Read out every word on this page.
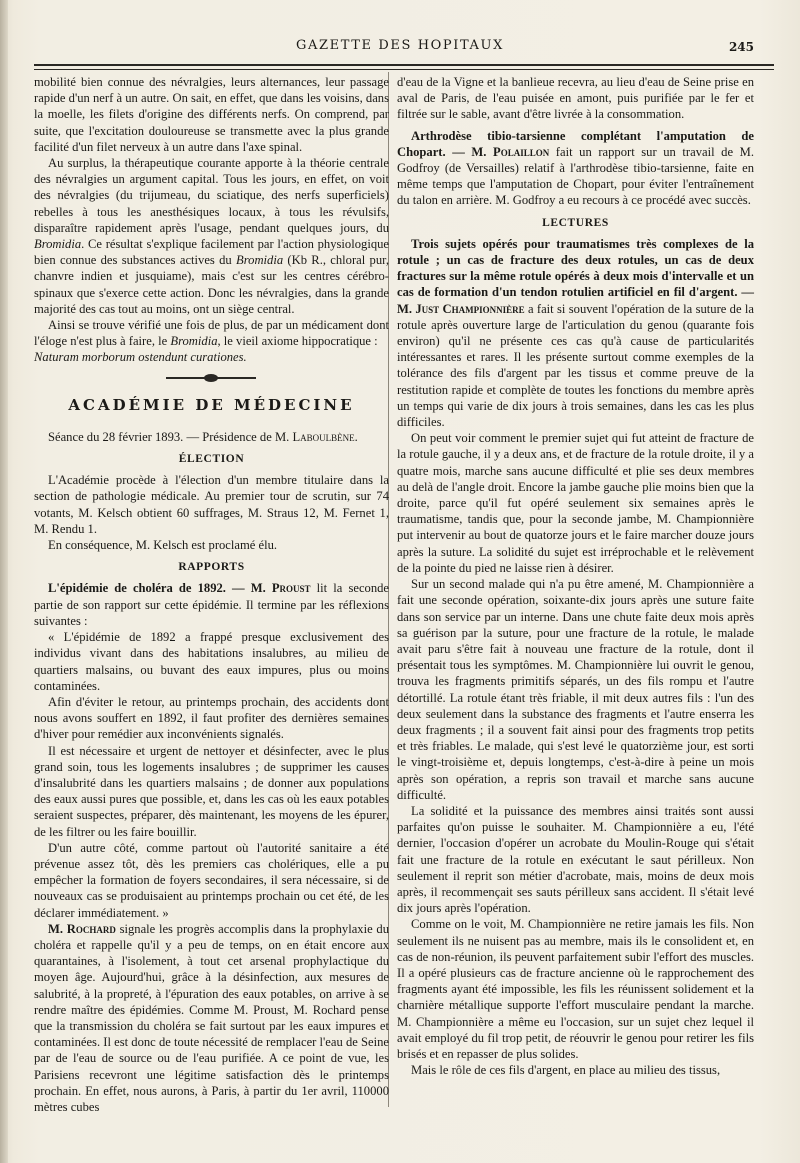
GAZETTE DES HOPITAUX	245

mobilité bien connue des névralgies, leurs alternances, leur passage rapide d'un nerf à un autre. On sait, en effet, que dans les voisins, dans la moelle, les filets d'origine des différents nerfs. On comprend, par suite, que l'excitation douloureuse se transmette avec la plus grande facilité d'un filet nerveux à un autre dans l'axe spinal.

Au surplus, la thérapeutique courante apporte à la théorie centrale des névralgies un argument capital. Tous les jours, en effet, on voit des névralgies (du trijumeau, du sciatique, des nerfs superficiels) rebelles à tous les anesthésiques locaux, à tous les révulsifs, disparaître rapidement après l'usage, pendant quelques jours, du Bromidia. Ce résultat s'explique facilement par l'action physiologique bien connue des substances actives du Bromidia (Kb R., chloral pur, chanvre indien et jusquiame), mais c'est sur les centres cérébro-spinaux que s'exerce cette action. Donc les névralgies, dans la grande majorité des cas tout au moins, ont un siège central.

Ainsi se trouve vérifié une fois de plus, de par un médicament dont l'éloge n'est plus à faire, le Bromidia, le vieil axiome hippocratique :

Naturam morborum ostendunt curationes.

ACADÉMIE DE MÉDECINE

Séance du 28 février 1893. — Présidence de M. Laboulbène.

ÉLECTION

L'Académie procède à l'élection d'un membre titulaire dans la section de pathologie médicale. Au premier tour de scrutin, sur 74 votants, M. Kelsch obtient 60 suffrages, M. Straus 12, M. Fernet 1, M. Rendu 1.

En conséquence, M. Kelsch est proclamé élu.

RAPPORTS

L'épidémie de choléra de 1892. — M. Proust lit la seconde partie de son rapport sur cette épidémie. Il termine par les réflexions suivantes :

« L'épidémie de 1892 a frappé presque exclusivement des individus vivant dans des habitations insalubres, au milieu de quartiers malsains, ou buvant des eaux impures, plus ou moins contaminées.

Afin d'éviter le retour, au printemps prochain, des accidents dont nous avons souffert en 1892, il faut profiter des dernières semaines d'hiver pour remédier aux inconvénients signalés.

Il est nécessaire et urgent de nettoyer et désinfecter, avec le plus grand soin, tous les logements insalubres ; de supprimer les causes d'insalubrité dans les quartiers malsains ; de donner aux populations des eaux aussi pures que possible, et, dans les cas où les eaux potables seraient suspectes, préparer, dès maintenant, les moyens de les épurer, de les filtrer ou les faire bouillir.

D'un autre côté, comme partout où l'autorité sanitaire a été prévenue assez tôt, dès les premiers cas cholériques, elle a pu empêcher la formation de foyers secondaires, il sera nécessaire, si de nouveaux cas se produisaient au printemps prochain ou cet été, de les déclarer immédiatement. »

M. Rochard signale les progrès accomplis dans la prophylaxie du choléra et rappelle qu'il y a peu de temps, on en était encore aux quarantaines, à l'isolement, à tout cet arsenal prophylactique du moyen âge. Aujourd'hui, grâce à la désinfection, aux mesures de salubrité, à la propreté, à l'épuration des eaux potables, on arrive à se rendre maître des épidémies. Comme M. Proust, M. Rochard pense que la transmission du choléra se fait surtout par les eaux impures et contaminées. Il est donc de toute nécessité de remplacer l'eau de Seine par de l'eau de source ou de l'eau purifiée. A ce point de vue, les Parisiens recevront une légitime satisfaction dès le printemps prochain. En effet, nous aurons, à Paris, à partir du 1er avril, 110000 mètres cubes

d'eau de la Vigne et la banlieue recevra, au lieu d'eau de Seine prise en aval de Paris, de l'eau puisée en amont, puis purifiée par le fer et filtrée sur le sable, avant d'être livrée à la consommation.

Arthrodèse tibio-tarsienne complétant l'amputation de Chopart. — M. Polaillon fait un rapport sur un travail de M. Godfroy (de Versailles) relatif à l'arthrodèse tibio-tarsienne, faite en même temps que l'amputation de Chopart, pour éviter l'entraînement du talon en arrière. M. Godfroy a eu recours à ce procédé avec succès.

LECTURES

Trois sujets opérés pour traumatismes très complexes de la rotule ; un cas de fracture des deux rotules, un cas de deux fractures sur la même rotule opérés à deux mois d'intervalle et un cas de formation d'un tendon rotulien artificiel en fil d'argent. — M. Just Championnière a fait si souvent l'opération de la suture de la rotule après ouverture large de l'articulation du genou (quarante fois environ) qu'il ne présente ces cas qu'à cause de particularités intéressantes et rares. Il les présente surtout comme exemples de la tolérance des fils d'argent par les tissus et comme preuve de la restitution rapide et complète de toutes les fonctions du membre après un temps qui varie de dix jours à trois semaines, dans les cas les plus difficiles.

On peut voir comment le premier sujet qui fut atteint de fracture de la rotule gauche, il y a deux ans, et de fracture de la rotule droite, il y a quatre mois, marche sans aucune difficulté et plie ses deux membres au delà de l'angle droit. Encore la jambe gauche plie moins bien que la droite, parce qu'il fut opéré seulement six semaines après le traumatisme, tandis que, pour la seconde jambe, M. Championnière put intervenir au bout de quatorze jours et le faire marcher douze jours après la suture. La solidité du sujet est irréprochable et le relèvement de la pointe du pied ne laisse rien à désirer.

Sur un second malade qui n'a pu être amené, M. Championnière a fait une seconde opération, soixante-dix jours après une suture faite dans son service par un interne. Dans une chute faite deux mois après sa guérison par la suture, pour une fracture de la rotule, le malade avait paru s'être fait à nouveau une fracture de la rotule, dont il présentait tous les symptômes. M. Championnière lui ouvrit le genou, trouva les fragments primitifs séparés, un des fils rompu et l'autre détortillé. La rotule étant très friable, il mit deux autres fils : l'un des deux seulement dans la substance des fragments et l'autre enserra les deux fragments ; il a souvent fait ainsi pour des fragments trop petits et très friables. Le malade, qui s'est levé le quatorzième jour, est sorti le vingt-troisième et, depuis longtemps, c'est-à-dire à peine un mois après son opération, a repris son travail et marche sans aucune difficulté.

La solidité et la puissance des membres ainsi traités sont aussi parfaites qu'on puisse le souhaiter. M. Championnière a eu, l'été dernier, l'occasion d'opérer un acrobate du Moulin-Rouge qui s'était fait une fracture de la rotule en exécutant le saut périlleux. Non seulement il reprit son métier d'acrobate, mais, moins de deux mois après, il recommençait ses sauts périlleux sans accident. Il s'était levé dix jours après l'opération.

Comme on le voit, M. Championnière ne retire jamais les fils. Non seulement ils ne nuisent pas au membre, mais ils le consolident et, en cas de non-réunion, ils peuvent parfaitement subir l'effort des muscles. Il a opéré plusieurs cas de fracture ancienne où le rapprochement des fragments ayant été impossible, les fils les réunissent solidement et la charnière métallique supporte l'effort musculaire pendant la marche. M. Championnière a même eu l'occasion, sur un sujet chez lequel il avait employé du fil trop petit, de réouvrir le genou pour retirer les fils brisés et en repasser de plus solides.

Mais le rôle de ces fils d'argent, en place au milieu des tissus,
